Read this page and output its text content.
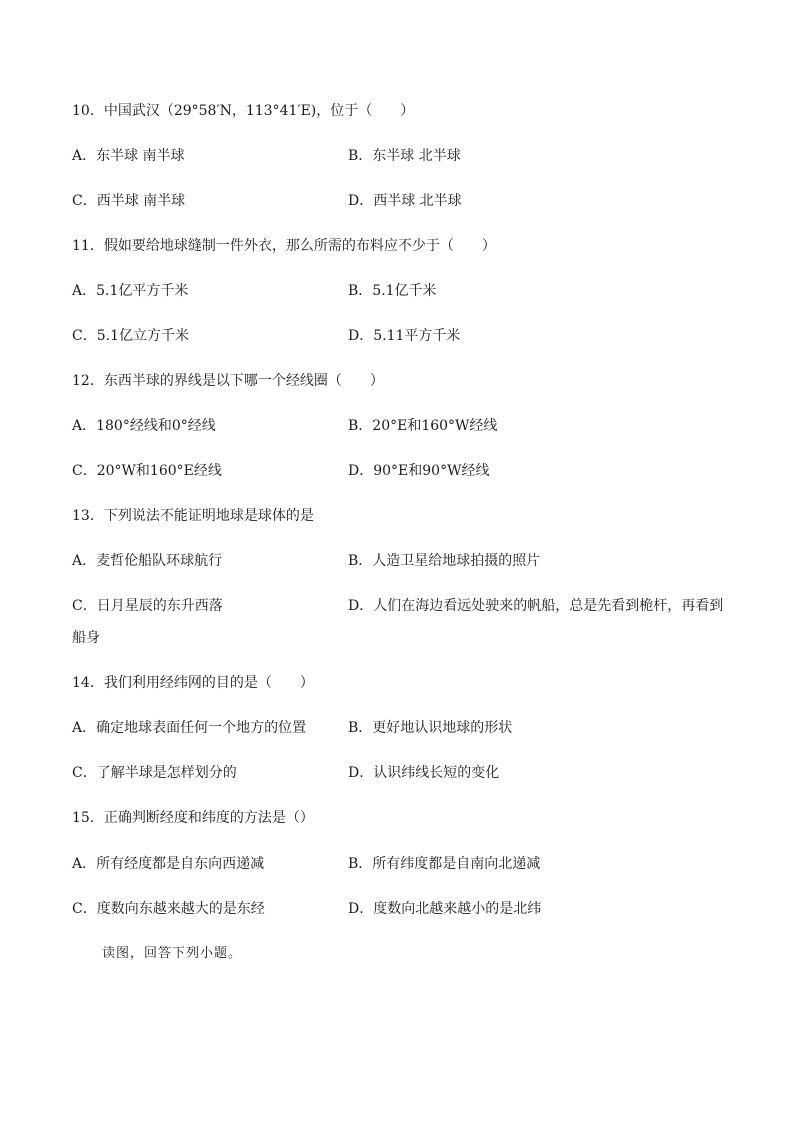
10．中国武汉（29°58′N，113°41′E)，位于（　　）
A．东半球 南半球	B．东半球 北半球
C．西半球 南半球	D．西半球 北半球
11．假如要给地球缝制一件外衣，那么所需的布料应不少于（　　）
A．5.1亿平方千米	B．5.1亿千米
C．5.1亿立方千米	D．5.11平方千米
12．东西半球的界线是以下哪一个经线圈（　　）
A．180°经线和0°经线	B．20°E和160°W经线
C．20°W和160°E经线	D．90°E和90°W经线
13．下列说法不能证明地球是球体的是
A．麦哲伦船队环球航行	B．人造卫星给地球拍摄的照片
C．日月星辰的东升西落	D．人们在海边看远处驶来的帆船，总是先看到桅杆，再看到
船身
14．我们利用经纬网的目的是（　　）
A．确定地球表面任何一个地方的位置	B．更好地认识地球的形状
C．了解半球是怎样划分的	D．认识纬线长短的变化
15．正确判断经度和纬度的方法是（）
A．所有经度都是自东向西递减	B．所有纬度都是自南向北递减
C．度数向东越来越大的是东经	D．度数向北越来越小的是北纬
读图，回答下列小题。
